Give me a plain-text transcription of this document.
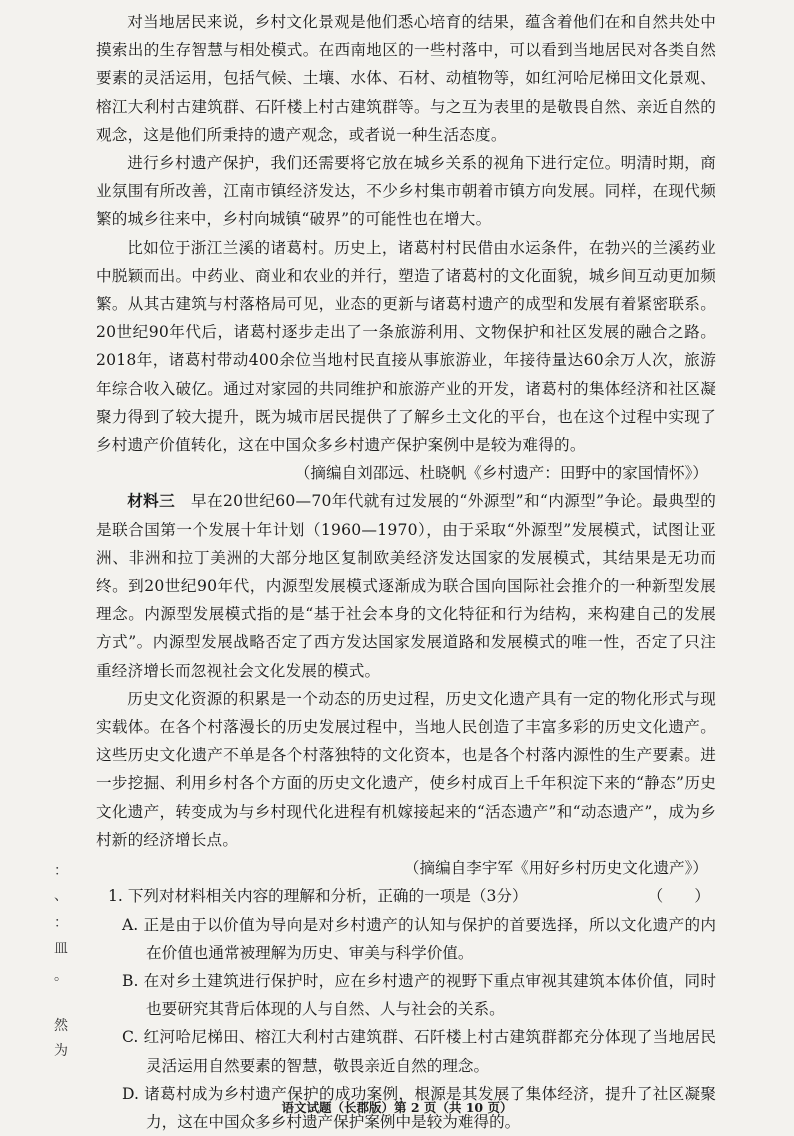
：
、
：
皿
。
然
为

对当地居民来说，乡村文化景观是他们悉心培育的结果，蕴含着他们在和自然共处中摸索出的生存智慧与相处模式。在西南地区的一些村落中，可以看到当地居民对各类自然要素的灵活运用，包括气候、土壤、水体、石材、动植物等，如红河哈尼梯田文化景观、榕江大利村古建筑群、石阡楼上村古建筑群等。与之互为表里的是敬畏自然、亲近自然的观念，这是他们所秉持的遗产观念，或者说一种生活态度。

进行乡村遗产保护，我们还需要将它放在城乡关系的视角下进行定位。明清时期，商业氛围有所改善，江南市镇经济发达，不少乡村集市朝着市镇方向发展。同样，在现代频繁的城乡往来中，乡村向城镇“破界”的可能性也在增大。

比如位于浙江兰溪的诸葛村。历史上，诸葛村村民借由水运条件，在勃兴的兰溪药业中脱颖而出。中药业、商业和农业的并行，塑造了诸葛村的文化面貌，城乡间互动更加频繁。从其古建筑与村落格局可见，业态的更新与诸葛村遗产的成型和发展有着紧密联系。20世纪90年代后，诸葛村逐步走出了一条旅游利用、文物保护和社区发展的融合之路。2018年，诸葛村带动400余位当地村民直接从事旅游业，年接待量达60余万人次，旅游年综合收入破亿。通过对家园的共同维护和旅游产业的开发，诸葛村的集体经济和社区凝聚力得到了较大提升，既为城市居民提供了了解乡土文化的平台，也在这个过程中实现了乡村遗产价值转化，这在中国众多乡村遗产保护案例中是较为难得的。

（摘编自刘邵远、杜晓帆《乡村遗产：田野中的家国情怀》）

材料三　 早在20世纪60—70年代就有过发展的“外源型”和“内源型”争论。最典型的是联合国第一个发展十年计划（1960—1970），由于采取“外源型”发展模式，试图让亚洲、非洲和拉丁美洲的大部分地区复制欧美经济发达国家的发展模式，其结果是无功而终。到20世纪90年代，内源型发展模式逐渐成为联合国向国际社会推介的一种新型发展理念。内源型发展模式指的是“基于社会本身的文化特征和行为结构，来构建自己的发展方式”。内源型发展战略否定了西方发达国家发展道路和发展模式的唯一性，否定了只注重经济增长而忽视社会文化发展的模式。

历史文化资源的积累是一个动态的历史过程，历史文化遗产具有一定的物化形式与现实载体。在各个村落漫长的历史发展过程中，当地人民创造了丰富多彩的历史文化遗产。这些历史文化遗产不单是各个村落独特的文化资本，也是各个村落内源性的生产要素。进一步挖掘、利用乡村各个方面的历史文化遗产，使乡村成百上千年积淀下来的“静态”历史文化遗产，转变成为与乡村现代化进程有机嫁接起来的“活态遗产”和“动态遗产”，成为乡村新的经济增长点。

（摘编自李宇军《用好乡村历史文化遗产》）

1. 下列对材料相关内容的理解和分析，正确的一项是（3分）	（　　）

A. 正是由于以价值为导向是对乡村遗产的认知与保护的首要选择，所以文化遗产的内在价值也通常被理解为历史、审美与科学价值。

B. 在对乡土建筑进行保护时，应在乡村遗产的视野下重点审视其建筑本体价值，同时也要研究其背后体现的人与自然、人与社会的关系。

C. 红河哈尼梯田、榕江大利村古建筑群、石阡楼上村古建筑群都充分体现了当地居民灵活运用自然要素的智慧，敬畏亲近自然的理念。

D. 诸葛村成为乡村遗产保护的成功案例，根源是其发展了集体经济，提升了社区凝聚力，这在中国众多乡村遗产保护案例中是较为难得的。

语文试题（长郡版）第 2 页（共 10 页）
